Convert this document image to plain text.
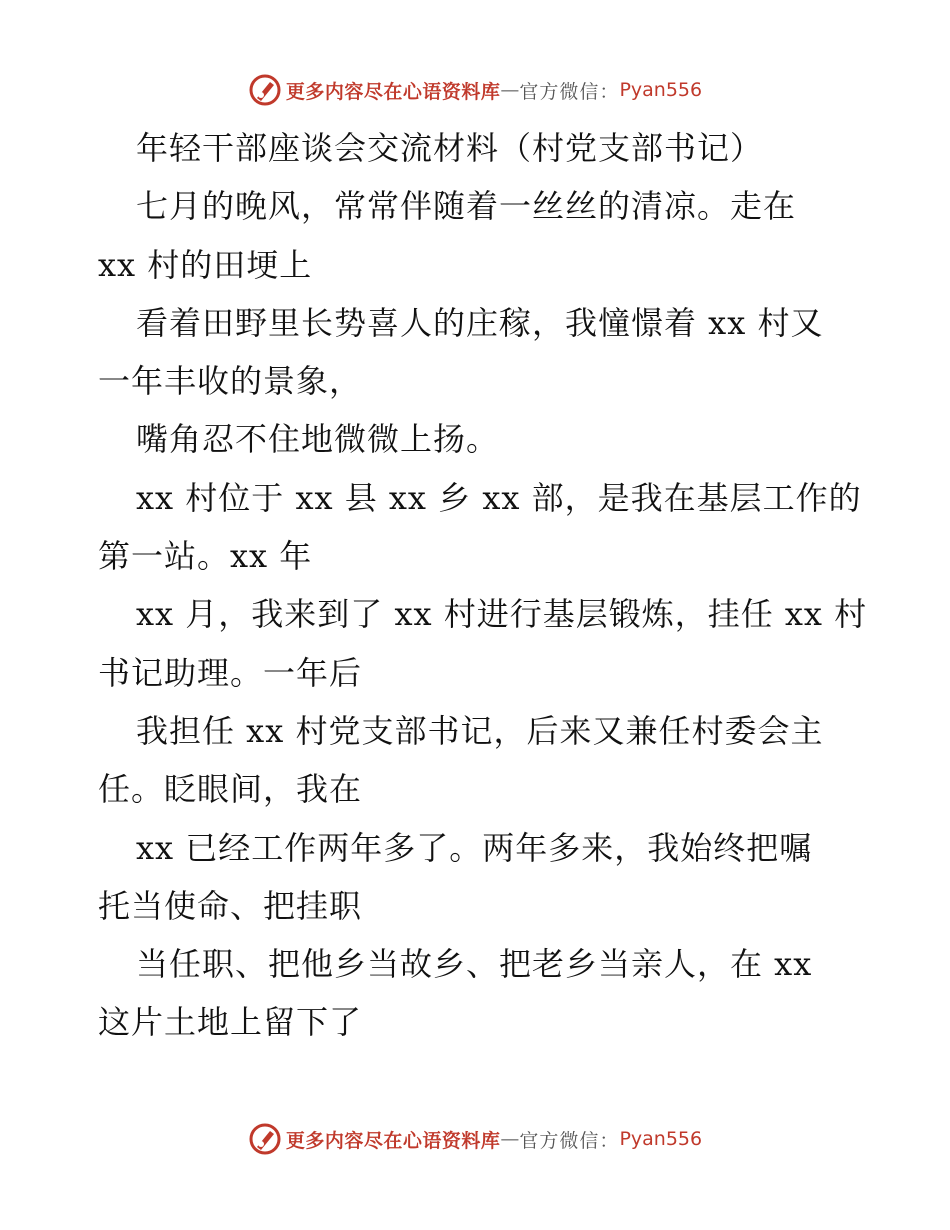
更多内容尽在心语资料库 — 官方微信： Pyan556
年轻干部座谈会交流材料（村党支部书记）
七月的晚风，常常伴随着一丝丝的清凉。走在
xx 村的田埂上
看着田野里长势喜人的庄稼，我憧憬着 xx 村又
一年丰收的景象，
嘴角忍不住地微微上扬。
xx 村位于 xx 县 xx 乡 xx 部，是我在基层工作的
第一站。xx 年
xx 月，我来到了 xx 村进行基层锻炼，挂任 xx 村
书记助理。一年后
我担任 xx 村党支部书记，后来又兼任村委会主
任。眨眼间，我在
xx 已经工作两年多了。两年多来，我始终把嘱
托当使命、把挂职
当任职、把他乡当故乡、把老乡当亲人，在 xx
这片土地上留下了
更多内容尽在心语资料库 — 官方微信： Pyan556
